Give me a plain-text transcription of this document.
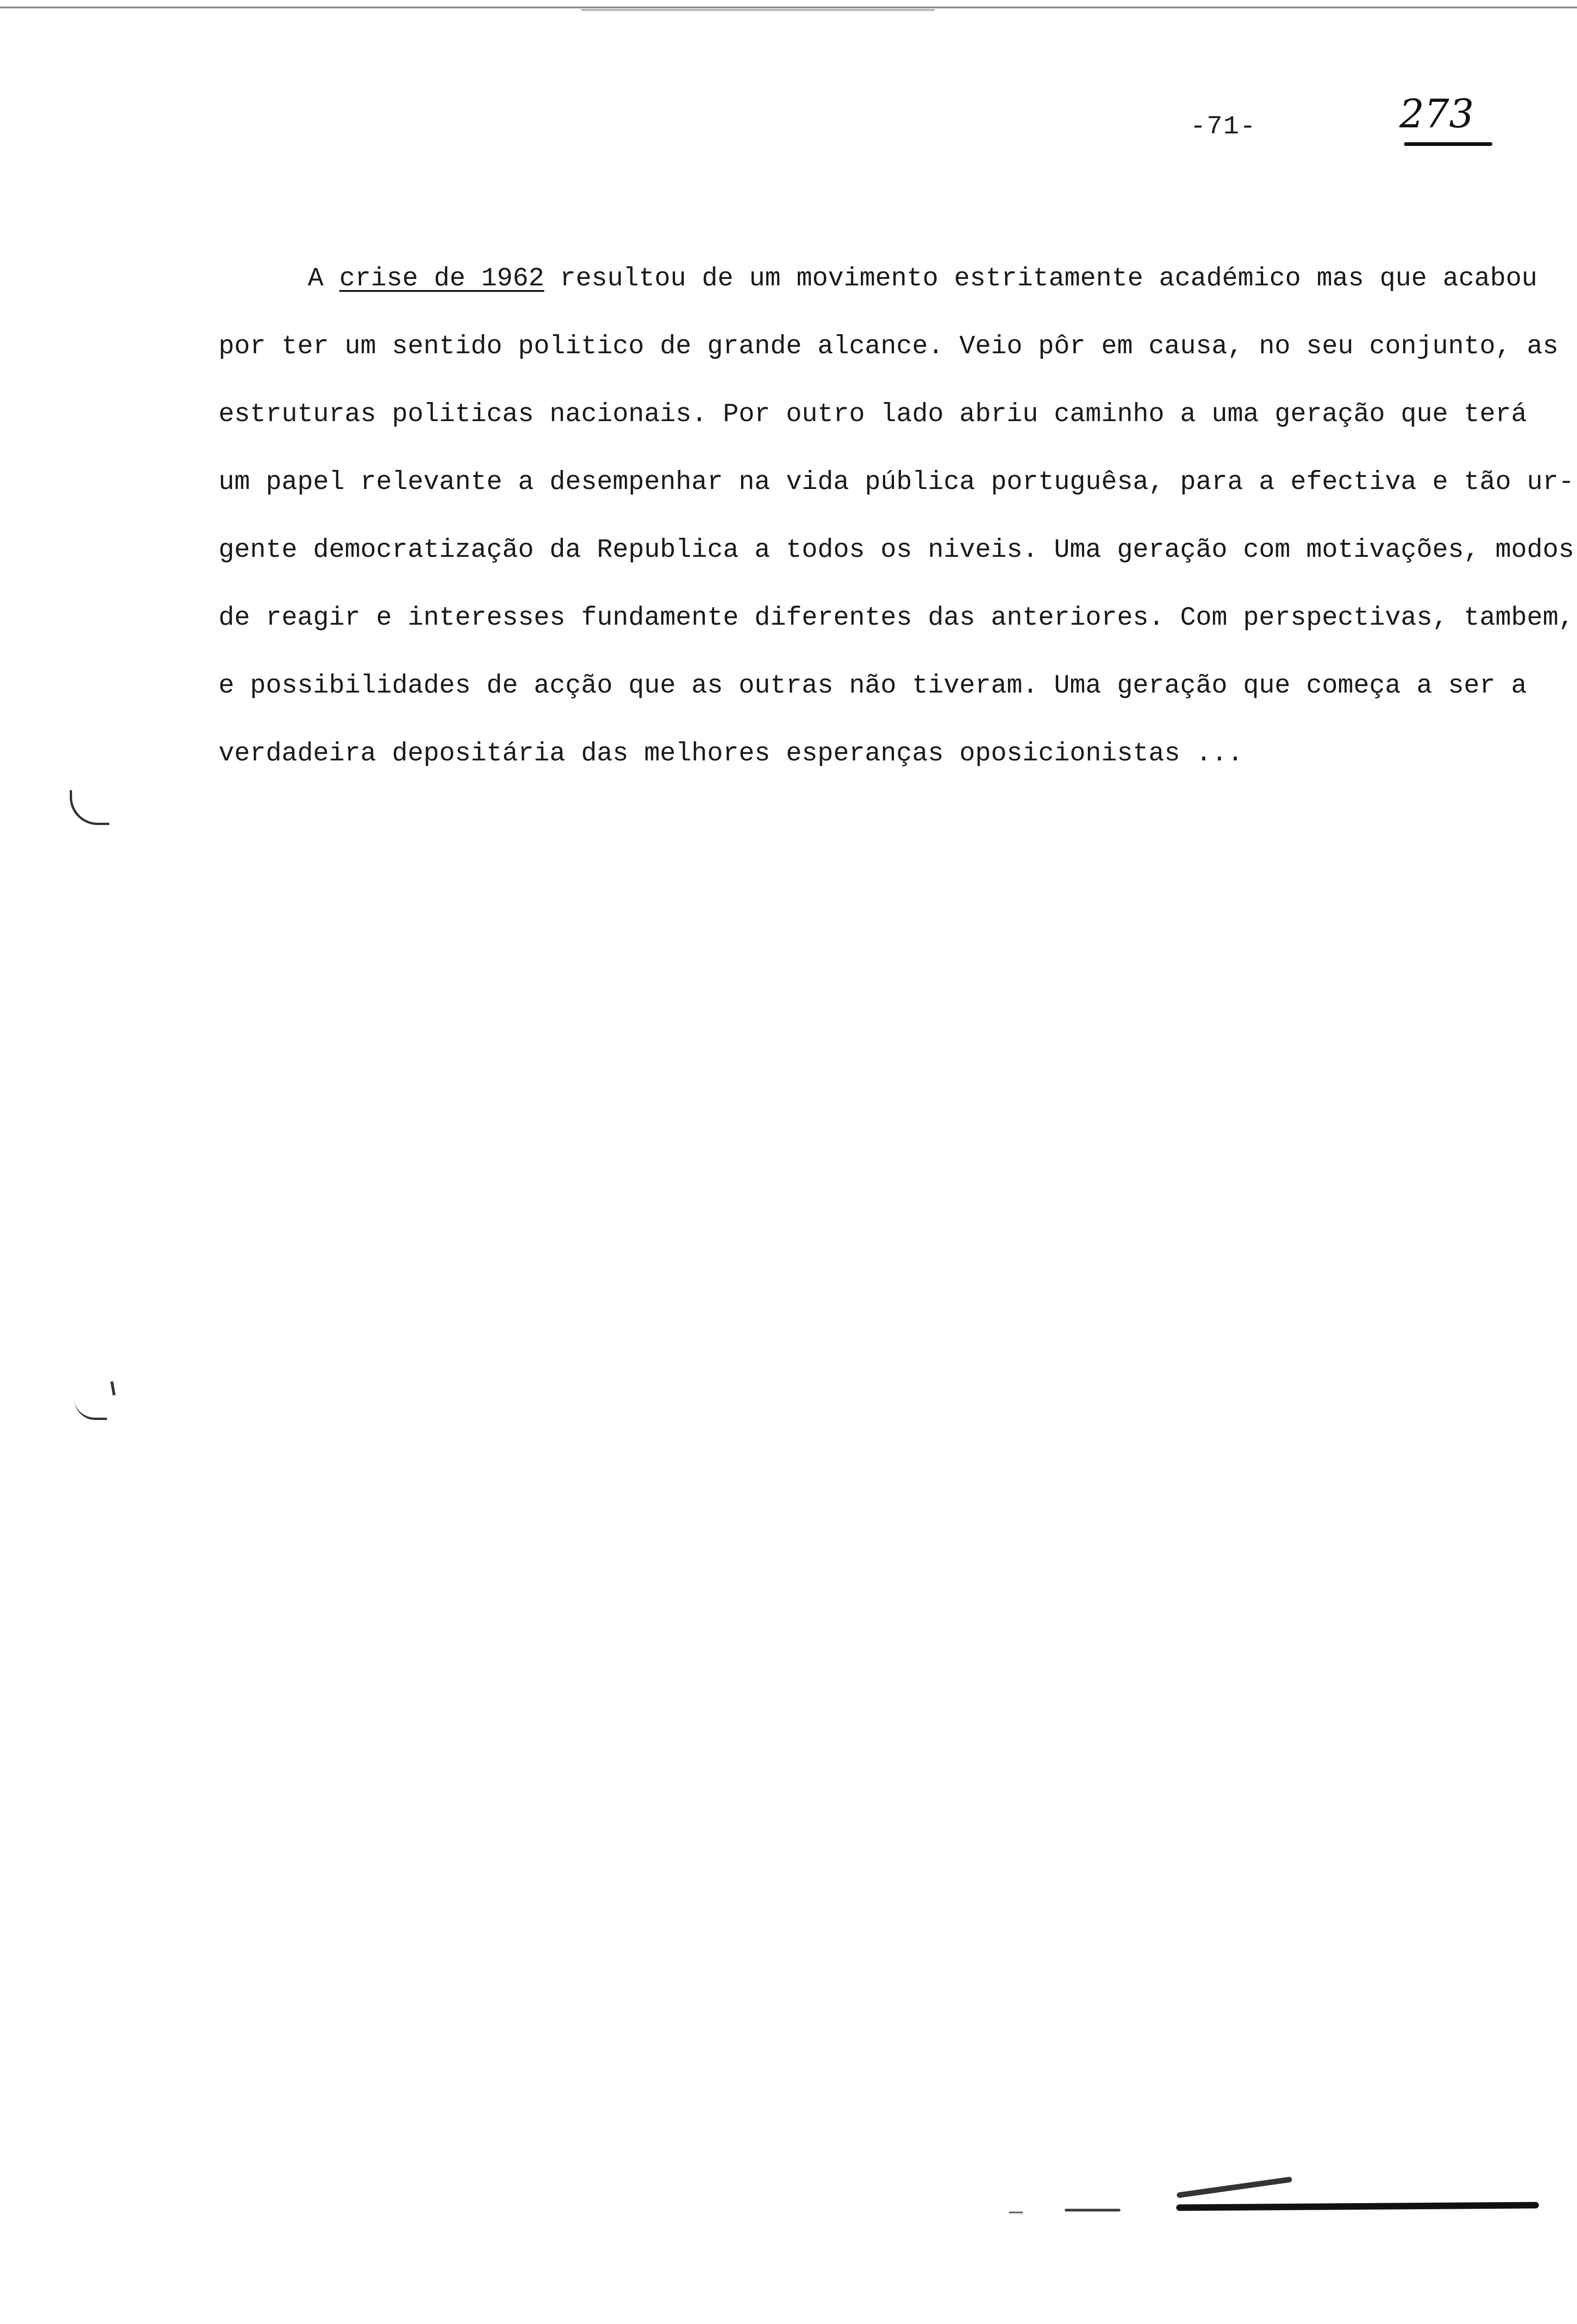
-71-	273
A crise de 1962 resultou de um movimento estritamente académico mas que acabou
por ter um sentido politico de grande alcance. Veio pôr em causa, no seu conjunto, as
estruturas politicas nacionais. Por outro lado abriu caminho a uma geração que terá
um papel relevante a desempenhar na vida pública portuguêsa, para a efectiva e tão ur-
gente democratização da Republica a todos os niveis. Uma geração com motivações, modos
de reagir e interesses fundamente diferentes das anteriores. Com perspectivas, tambem,
e possibilidades de acção que as outras não tiveram. Uma geração que começa a ser a
verdadeira depositária das melhores esperanças oposicionistas ...
